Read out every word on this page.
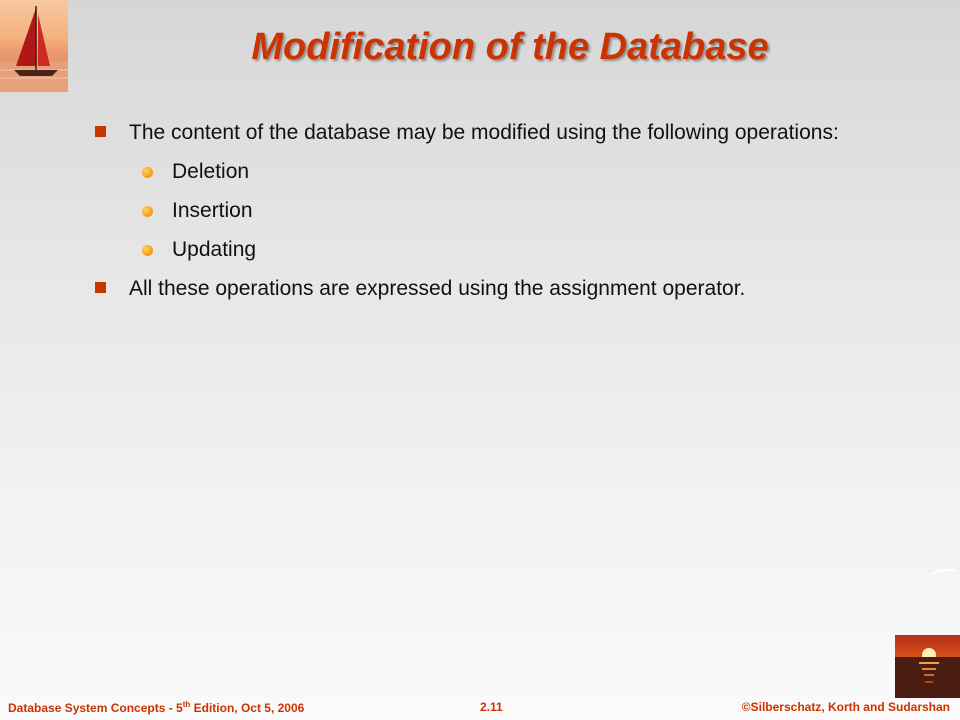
Modification of the Database
The content of the database may be modified using the following operations:
Deletion
Insertion
Updating
All these operations are expressed using the assignment operator.
Database System Concepts - 5th Edition, Oct 5, 2006	2.11	©Silberschatz, Korth and Sudarshan
